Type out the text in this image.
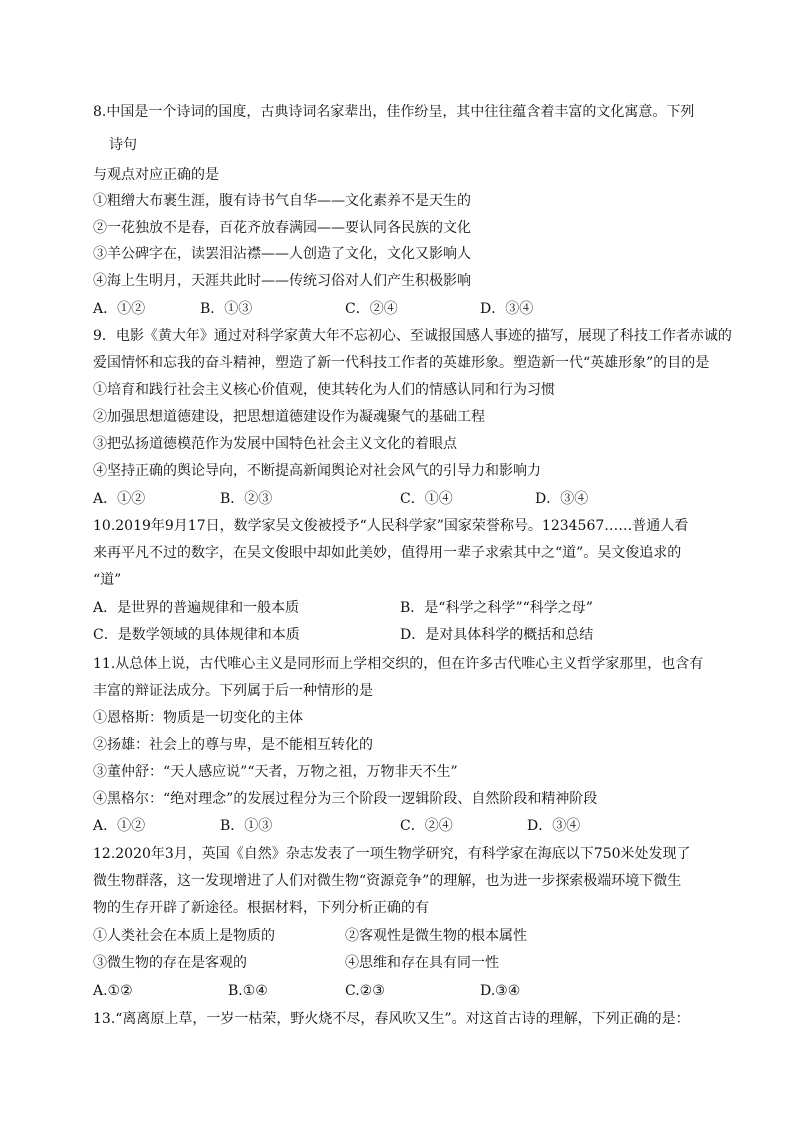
8.中国是一个诗词的国度，古典诗词名家辈出，佳作纷呈，其中往往蕴含着丰富的文化寓意。下列
诗句
与观点对应正确的是
①粗缯大布裹生涯，腹有诗书气自华——文化素养不是天生的
②一花独放不是春，百花齐放春满园——要认同各民族的文化
③羊公碑字在，读罢泪沾襟——人创造了文化，文化又影响人
④海上生明月，天涯共此时——传统习俗对人们产生积极影响
A．①②	B．①③	C．②④	D．③④
9．电影《黄大年》通过对科学家黄大年不忘初心、至诚报国感人事迹的描写，展现了科技工作者赤诚的
爱国情怀和忘我的奋斗精神，塑造了新一代科技工作者的英雄形象。塑造新一代“英雄形象”的目的是
①培育和践行社会主义核心价值观，使其转化为人们的情感认同和行为习惯
②加强思想道德建设，把思想道德建设作为凝魂聚气的基础工程
③把弘扬道德模范作为发展中国特色社会主义文化的着眼点
④坚持正确的舆论导向，不断提高新闻舆论对社会风气的引导力和影响力
A．①②	B．②③	C．①④	D．③④
10.2019年9月17日，数学家吴文俊被授予“人民科学家”国家荣誉称号。1234567……普通人看
来再平凡不过的数字，在吴文俊眼中却如此美妙，值得用一辈子求索其中之“道”。吴文俊追求的
“道”
A．是世界的普遍规律和一般本质	B．是“科学之科学”“科学之母”
C．是数学领域的具体规律和本质	D．是对具体科学的概括和总结
11.从总体上说，古代唯心主义是同形而上学相交织的，但在许多古代唯心主义哲学家那里，也含有
丰富的辩证法成分。下列属于后一种情形的是
①恩格斯：物质是一切变化的主体
②扬雄：社会上的尊与卑，是不能相互转化的
③董仲舒：“天人感应说”“天者，万物之祖，万物非天不生”
④黑格尔：“绝对理念”的发展过程分为三个阶段一逻辑阶段、自然阶段和精神阶段
A．①②	B．①③	C．②④	D．③④
12.2020年3月，英国《自然》杂志发表了一项生物学研究，有科学家在海底以下750米处发现了
微生物群落，这一发现增进了人们对微生物“资源竞争”的理解，也为进一步探索极端环境下微生
物的生存开辟了新途径。根据材料，下列分析正确的有
①人类社会在本质上是物质的	②客观性是微生物的根本属性
③微生物的存在是客观的	④思维和存在具有同一性
A.①②	B.①④	C.②③	D.③④
13.“离离原上草，一岁一枯荣，野火烧不尽，春风吹又生”。对这首古诗的理解，下列正确的是：
